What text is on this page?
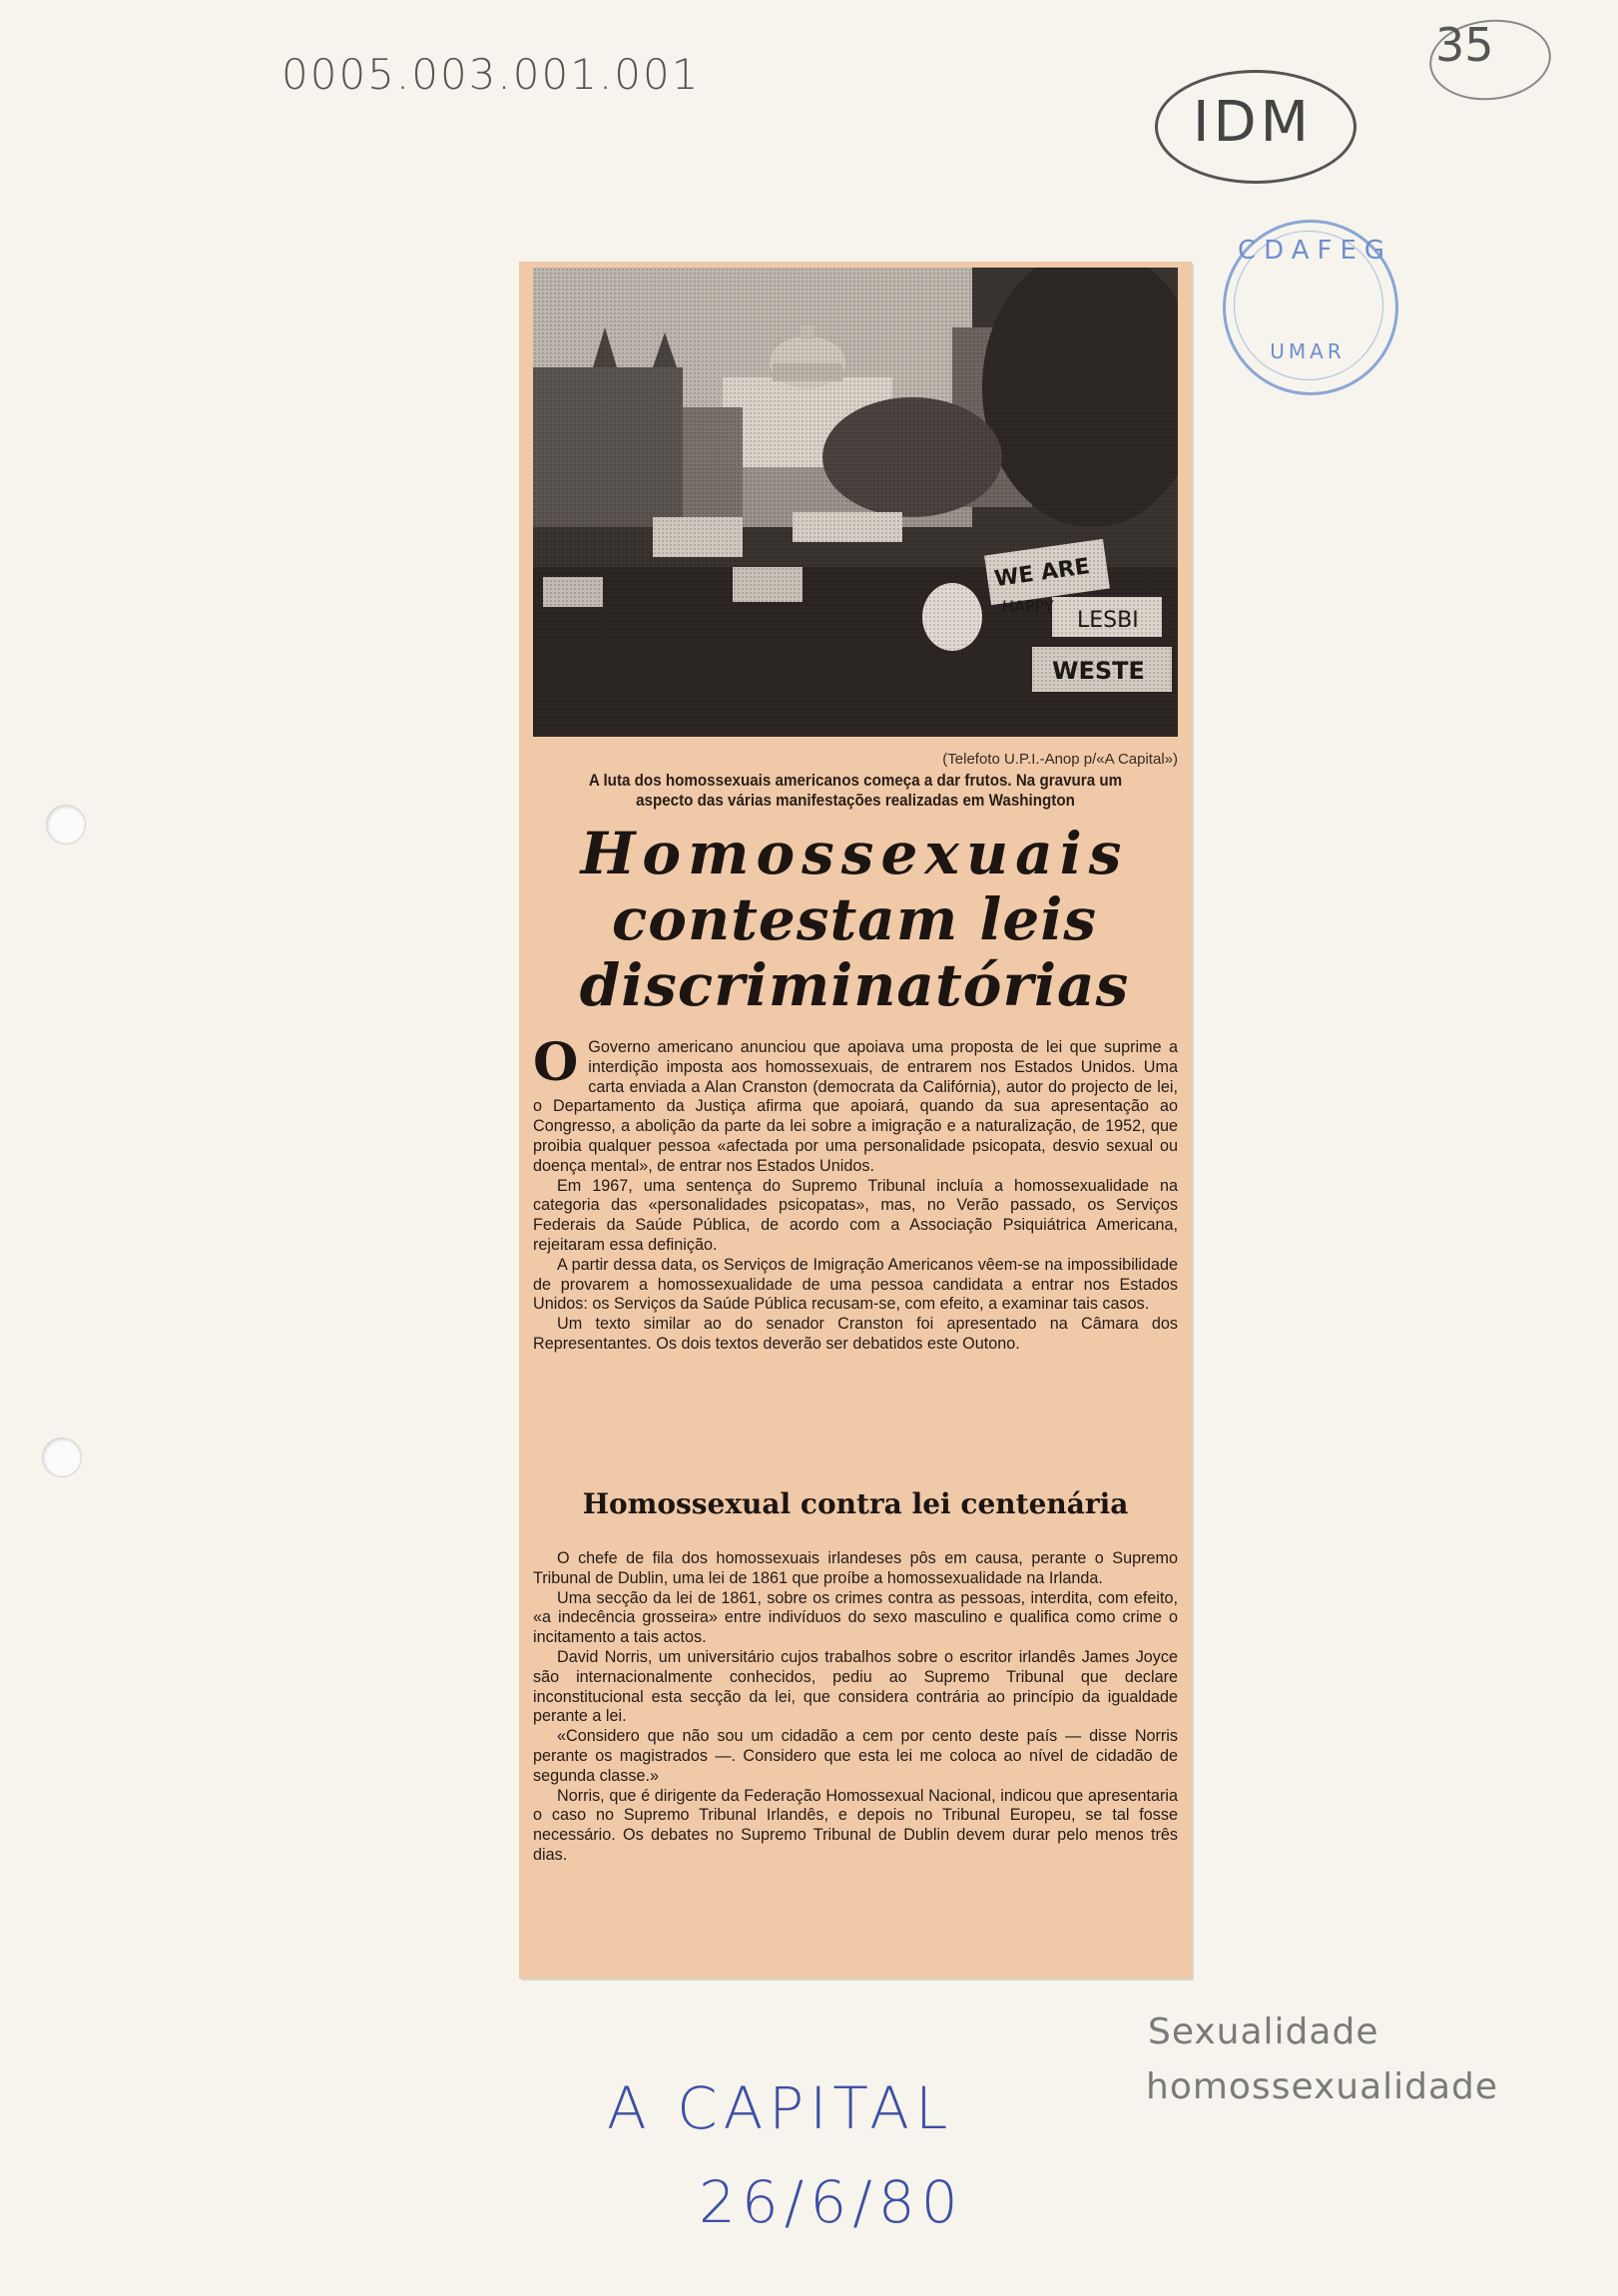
0005.003.001.001
35
IDM
CDAFEG
UMAR
(Telefoto U.P.I.-Anop p/«A Capital»)
A luta dos homossexuais americanos começa a dar frutos. Na gravura um aspecto das várias manifestações realizadas em Washington
Homossexuais
contestam leis
discriminatórias
O Governo americano anunciou que apoiava uma proposta de lei que suprime a interdição imposta aos homossexuais, de entrarem nos Estados Unidos. Uma carta enviada a Alan Cranston (democrata da Califórnia), autor do projecto de lei, o Departamento da Justiça afirma que apoiará, quando da sua apresentação ao Congresso, a abolição da parte da lei sobre a imigração e a naturalização, de 1952, que proibia qualquer pessoa «afectada por uma personalidade psicopata, desvio sexual ou doença mental», de entrar nos Estados Unidos.

Em 1967, uma sentença do Supremo Tribunal incluía a homossexualidade na categoria das «personalidades psicopatas», mas, no Verão passado, os Serviços Federais da Saúde Pública, de acordo com a Associação Psiquiátrica Americana, rejeitaram essa definição.

A partir dessa data, os Serviços de Imigração Americanos vêem-se na impossibilidade de provarem a homossexualidade de uma pessoa candidata a entrar nos Estados Unidos: os Serviços da Saúde Pública recusam-se, com efeito, a examinar tais casos.

Um texto similar ao do senador Cranston foi apresentado na Câmara dos Representantes. Os dois textos deverão ser debatidos este Outono.

Homossexual contra lei centenária

O chefe de fila dos homossexuais irlandeses pôs em causa, perante o Supremo Tribunal de Dublin, uma lei de 1861 que proíbe a homossexualidade na Irlanda.

Uma secção da lei de 1861, sobre os crimes contra as pessoas, interdita, com efeito, «a indecência grosseira» entre indivíduos do sexo masculino e qualifica como crime o incitamento a tais actos.

David Norris, um universitário cujos trabalhos sobre o escritor irlandês James Joyce são internacionalmente conhecidos, pediu ao Supremo Tribunal que declare inconstitucional esta secção da lei, que considera contrária ao princípio da igualdade perante a lei.

«Considero que não sou um cidadão a cem por cento deste país — disse Norris perante os magistrados —. Considero que esta lei me coloca ao nível de cidadão de segunda classe.»

Norris, que é dirigente da Federação Homossexual Nacional, indicou que apresentaria o caso no Supremo Tribunal Irlandês, e depois no Tribunal Europeu, se tal fosse necessário. Os debates no Supremo Tribunal de Dublin devem durar pelo menos três dias.

Sexualidade
homossexualidade
A CAPITAL
26/6/80
